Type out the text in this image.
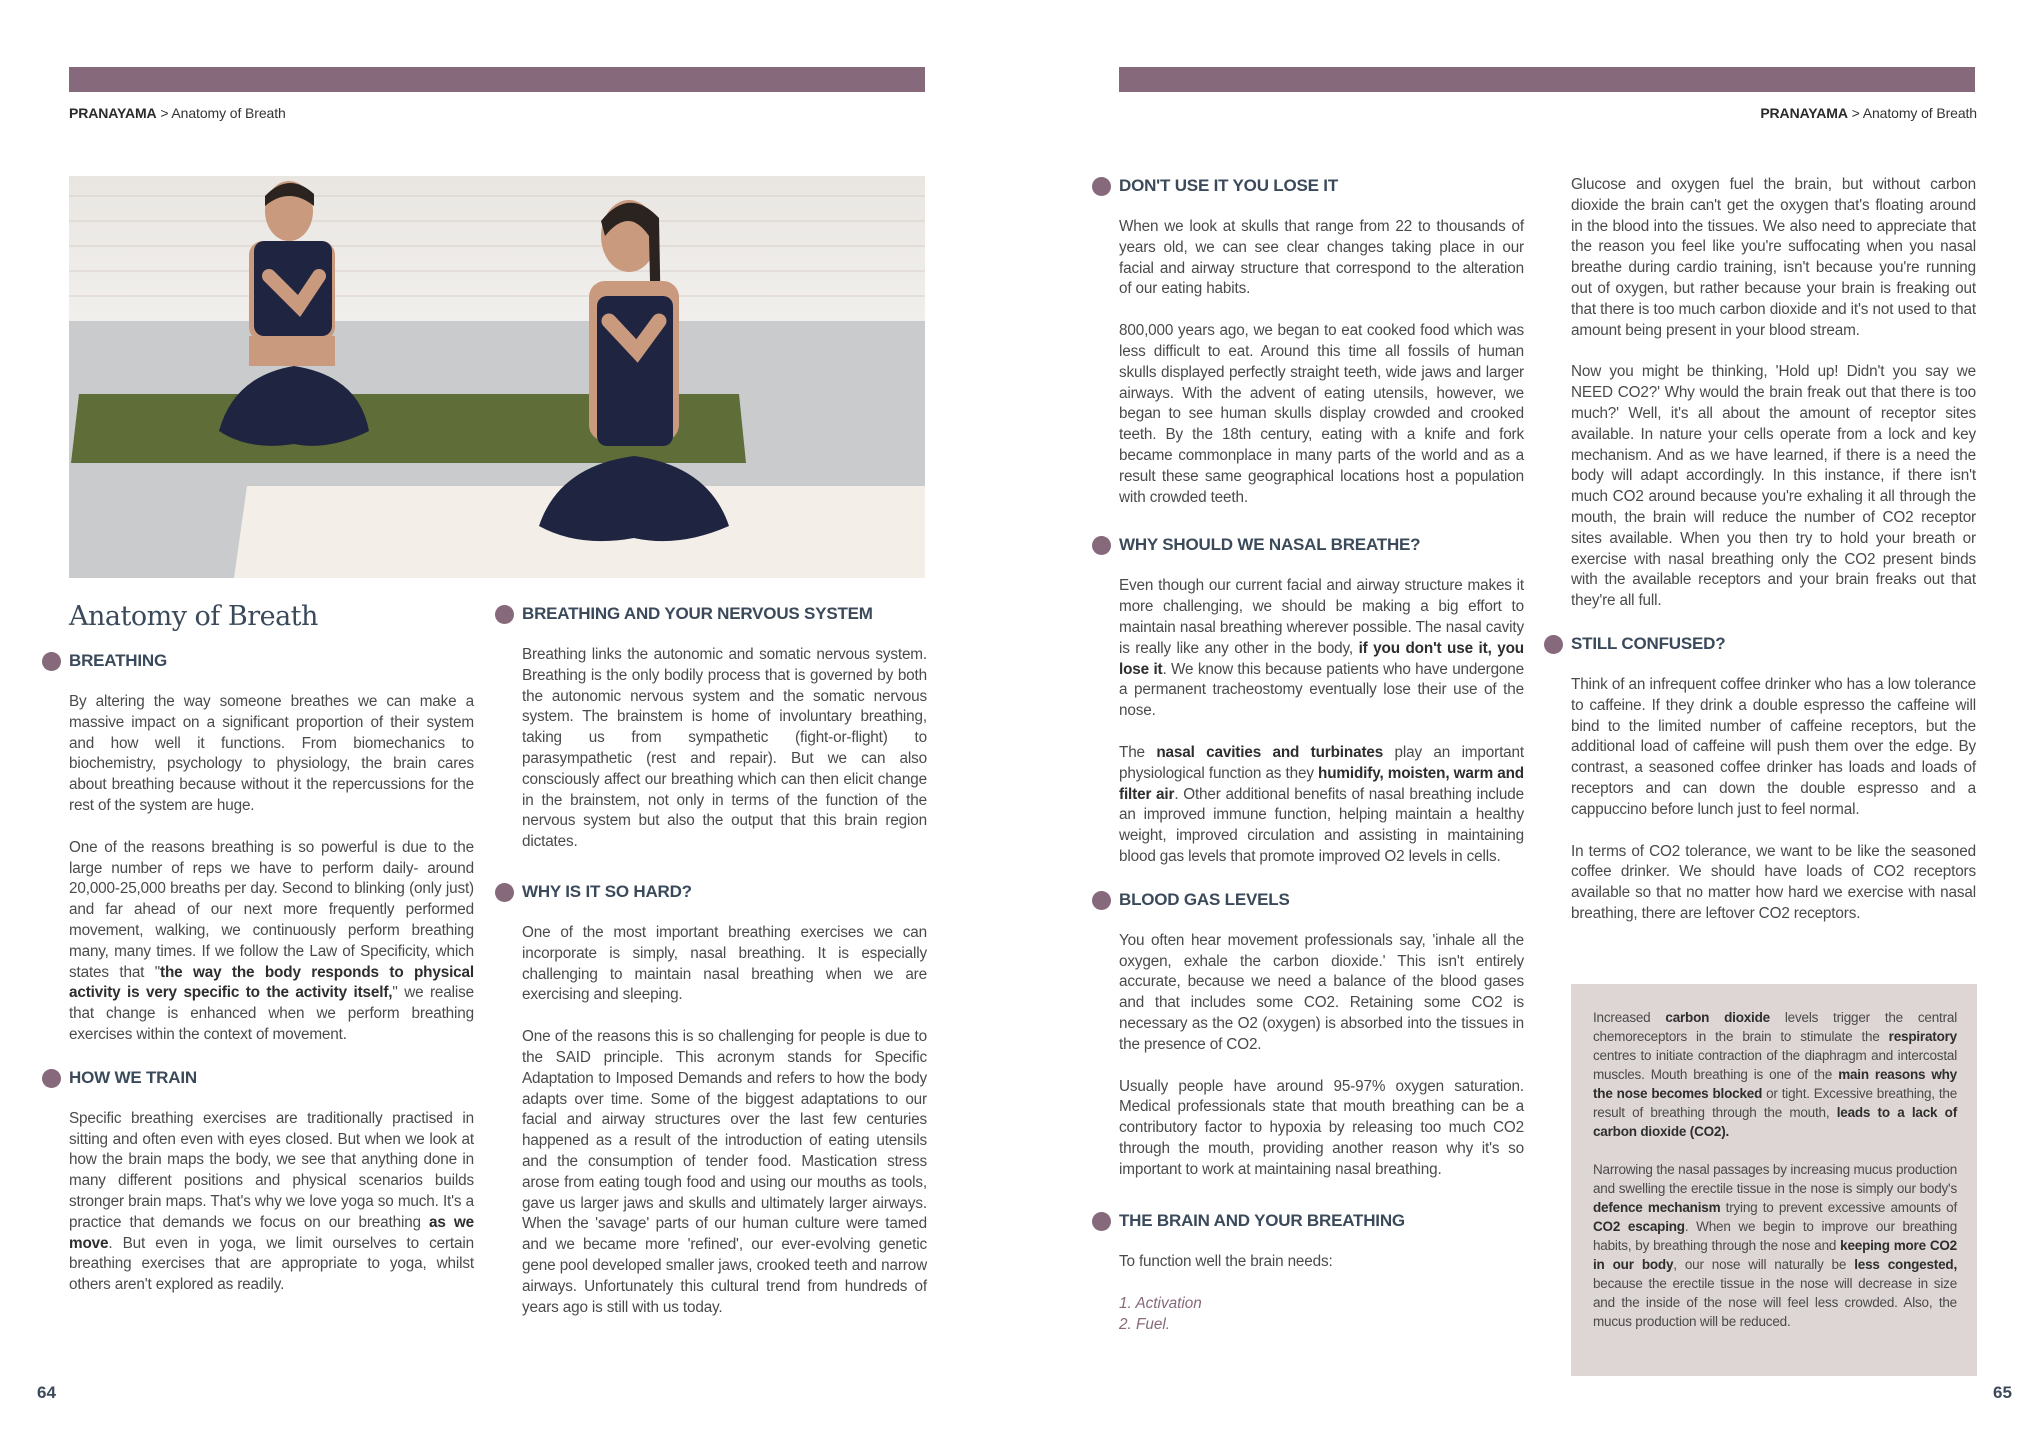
PRANAYAMA > Anatomy of Breath
Anatomy of Breath
BREATHING

By altering the way someone breathes we can make a massive impact on a significant proportion of their system and how well it functions. From biomechanics to biochemistry, psychology to physiology, the brain cares about breathing because without it the repercussions for the rest of the system are huge.

One of the reasons breathing is so powerful is due to the large number of reps we have to perform daily- around 20,000-25,000 breaths per day. Second to blinking (only just) and far ahead of our next more frequently performed movement, walking, we continuously perform breathing many, many times. If we follow the Law of Specificity, which states that "the way the body responds to physical activity is very specific to the activity itself," we realise that change is enhanced when we perform breathing exercises within the context of movement.

HOW WE TRAIN

Specific breathing exercises are traditionally practised in sitting and often even with eyes closed. But when we look at how the brain maps the body, we see that anything done in many different positions and physical scenarios builds stronger brain maps. That's why we love yoga so much. It's a practice that demands we focus on our breathing as we move. But even in yoga, we limit ourselves to certain breathing exercises that are appropriate to yoga, whilst others aren't explored as readily.

BREATHING AND YOUR NERVOUS SYSTEM

Breathing links the autonomic and somatic nervous system. Breathing is the only bodily process that is governed by both the autonomic nervous system and the somatic nervous system. The brainstem is home of involuntary breathing, taking us from sympathetic (fight-or-flight) to parasympathetic (rest and repair). But we can also consciously affect our breathing which can then elicit change in the brainstem, not only in terms of the function of the nervous system but also the output that this brain region dictates.

WHY IS IT SO HARD?

One of the most important breathing exercises we can incorporate is simply, nasal breathing. It is especially challenging to maintain nasal breathing when we are exercising and sleeping.

One of the reasons this is so challenging for people is due to the SAID principle. This acronym stands for Specific Adaptation to Imposed Demands and refers to how the body adapts over time. Some of the biggest adaptations to our facial and airway structures over the last few centuries happened as a result of the introduction of eating utensils and the consumption of tender food. Mastication stress arose from eating tough food and using our mouths as tools, gave us larger jaws and skulls and ultimately larger airways. When the 'savage' parts of our human culture were tamed and we became more 'refined', our ever-evolving genetic gene pool developed smaller jaws, crooked teeth and narrow airways. Unfortunately this cultural trend from hundreds of years ago is still with us today.

64
PRANAYAMA > Anatomy of Breath
DON'T USE IT YOU LOSE IT

When we look at skulls that range from 22 to thousands of years old, we can see clear changes taking place in our facial and airway structure that correspond to the alteration of our eating habits.

800,000 years ago, we began to eat cooked food which was less difficult to eat. Around this time all fossils of human skulls displayed perfectly straight teeth, wide jaws and larger airways. With the advent of eating utensils, however, we began to see human skulls display crowded and crooked teeth. By the 18th century, eating with a knife and fork became commonplace in many parts of the world and as a result these same geographical locations host a population with crowded teeth.

WHY SHOULD WE NASAL BREATHE?

Even though our current facial and airway structure makes it more challenging, we should be making a big effort to maintain nasal breathing wherever possible. The nasal cavity is really like any other in the body, if you don't use it, you lose it. We know this because patients who have undergone a permanent tracheostomy eventually lose their use of the nose.

The nasal cavities and turbinates play an important physiological function as they humidify, moisten, warm and filter air. Other additional benefits of nasal breathing include an improved immune function, helping maintain a healthy weight, improved circulation and assisting in maintaining blood gas levels that promote improved O2 levels in cells.

BLOOD GAS LEVELS

You often hear movement professionals say, 'inhale all the oxygen, exhale the carbon dioxide.' This isn't entirely accurate, because we need a balance of the blood gases and that includes some CO2. Retaining some CO2 is necessary as the O2 (oxygen) is absorbed into the tissues in the presence of CO2.

Usually people have around 95-97% oxygen saturation. Medical professionals state that mouth breathing can be a contributory factor to hypoxia by releasing too much CO2 through the mouth, providing another reason why it's so important to work at maintaining nasal breathing.

THE BRAIN AND YOUR BREATHING

To function well the brain needs:

1. Activation
2. Fuel.

Glucose and oxygen fuel the brain, but without carbon dioxide the brain can't get the oxygen that's floating around in the blood into the tissues. We also need to appreciate that the reason you feel like you're suffocating when you nasal breathe during cardio training, isn't because you're running out of oxygen, but rather because your brain is freaking out that there is too much carbon dioxide and it's not used to that amount being present in your blood stream.

Now you might be thinking, 'Hold up! Didn't you say we NEED CO2?' Why would the brain freak out that there is too much?' Well, it's all about the amount of receptor sites available. In nature your cells operate from a lock and key mechanism. And as we have learned, if there is a need the body will adapt accordingly. In this instance, if there isn't much CO2 around because you're exhaling it all through the mouth, the brain will reduce the number of CO2 receptor sites available. When you then try to hold your breath or exercise with nasal breathing only the CO2 present binds with the available receptors and your brain freaks out that they're all full.

STILL CONFUSED?

Think of an infrequent coffee drinker who has a low tolerance to caffeine. If they drink a double espresso the caffeine will bind to the limited number of caffeine receptors, but the additional load of caffeine will push them over the edge. By contrast, a seasoned coffee drinker has loads and loads of receptors and can down the double espresso and a cappuccino before lunch just to feel normal.

In terms of CO2 tolerance, we want to be like the seasoned coffee drinker. We should have loads of CO2 receptors available so that no matter how hard we exercise with nasal breathing, there are leftover CO2 receptors.

Increased carbon dioxide levels trigger the central chemoreceptors in the brain to stimulate the respiratory centres to initiate contraction of the diaphragm and intercostal muscles. Mouth breathing is one of the main reasons why the nose becomes blocked or tight. Excessive breathing, the result of breathing through the mouth, leads to a lack of carbon dioxide (CO2).

Narrowing the nasal passages by increasing mucus production and swelling the erectile tissue in the nose is simply our body's defence mechanism trying to prevent excessive amounts of CO2 escaping. When we begin to improve our breathing habits, by breathing through the nose and keeping more CO2 in our body, our nose will naturally be less congested, because the erectile tissue in the nose will decrease in size and the inside of the nose will feel less crowded. Also, the mucus production will be reduced.

65
